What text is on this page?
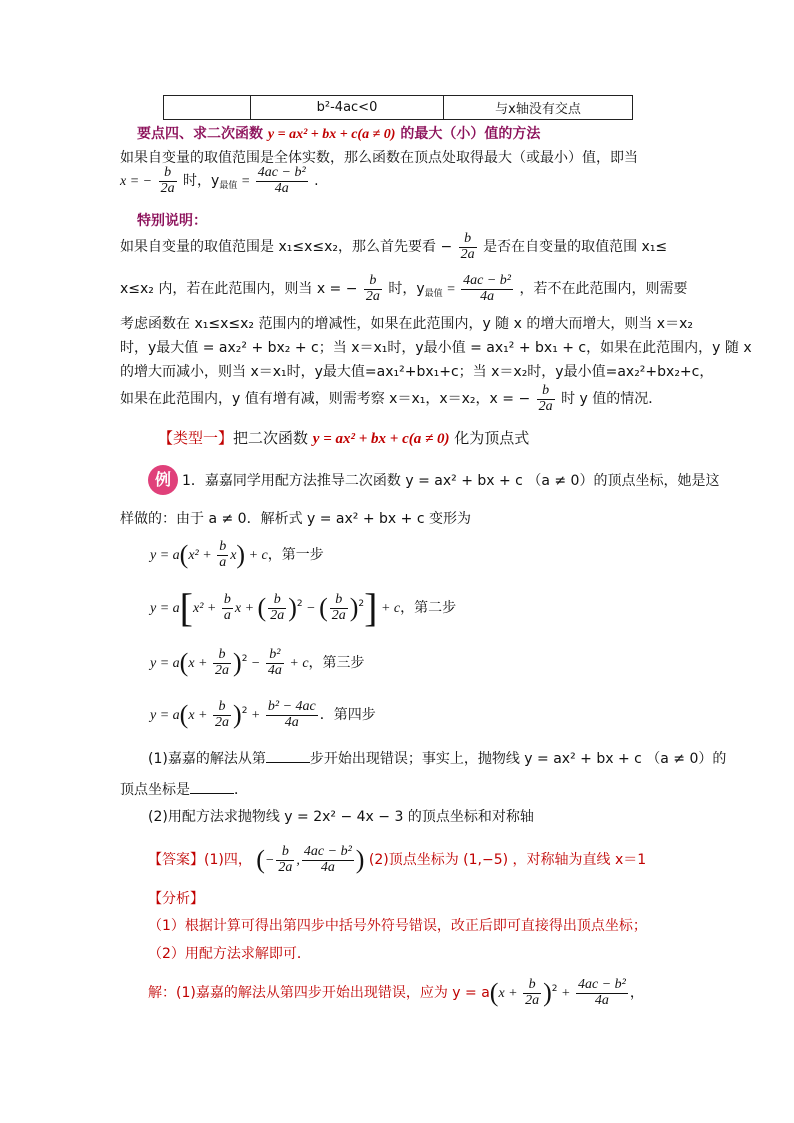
	b²-4ac<0	与x轴没有交点
要点四、求二次函数 y = ax² + bx + c(a ≠ 0) 的最大（小）值的方法
如果自变量的取值范围是全体实数，那么函数在顶点处取得最大（或最小）值，即当
x = − $\frac{b}{2a}$ 时，$y_{最值} = \frac{\text{4ac − b²}}{4a}$ .
特别说明：
如果自变量的取值范围是 x₁≤x≤x₂，那么首先要看 − $\frac{b}{2a}$ 是否在自变量的取值范围 x₁≤
x≤x₂ 内，若在此范围内，则当 x = − $\frac{b}{2a}$ 时，$y_{最值} = \frac{\text{4ac − b²}}{4a}$ ，若不在此范围内，则需要
考虑函数在 x₁≤x≤x₂ 范围内的增减性，如果在此范围内，y 随 x 的增大而增大，则当 x＝x₂
时，y最大值 = ax₂² + bx₂ + c；当 x＝x₁时，y最小值 = ax₁² + bx₁ + c，如果在此范围内，y 随 x
的增大而减小，则当 x＝x₁时，y最大值=ax₁²+bx₁+c；当 x＝x₂时，y最小值=ax₂²+bx₂+c，
如果在此范围内，y 值有增有减，则需考察 x＝x₁，x＝x₂，x = − $\frac{b}{2a}$ 时 y 值的情况．
【类型一】把二次函数 y = ax² + bx + c(a ≠ 0) 化为顶点式
例 1．嘉嘉同学用配方法推导二次函数 y = ax² + bx + c （a ≠ 0）的顶点坐标，她是这
样做的：由于 a ≠ 0．解析式 y = ax² + bx + c 变形为
$y = a(x^2 + \frac{b}{a} x) + c$，第一步
$y = a[x^2 + \frac{b}{a}$ x + ( $\frac{b}{2a} )^2$ − ( $\frac{b}{2a} )^2] + c$，第二步
$y = a(x + \frac{b}{2a} )^2 - \frac{\text{b²}}{4a} + c$，第三步
$y = a(x + \frac{b}{2a} )^2 + \frac{\text{b² − 4ac}}{4a}$ ．第四步
(1)嘉嘉的解法从第	步开始出现错误；事实上，抛物线 y = ax² + bx + c （a ≠ 0）的
顶点坐标是	．
(2)用配方法求抛物线 y = 2x² − 4x − 3 的顶点坐标和对称轴
【答案】(1)四， (− $\frac{b}{2a}$ , $\frac{\text{4ac − b²}}{4a}$ ) (2)顶点坐标为 (1,−5) ，对称轴为直线 x＝1
【分析】
（1）根据计算可得出第四步中括号外符号错误，改正后即可直接得出顶点坐标；
（2）用配方法求解即可．
解：(1)嘉嘉的解法从第四步开始出现错误，应为 $y = a(x + \frac{b}{2a} )^2 + \frac{\text{4ac − b²}}{4a}$ ，
